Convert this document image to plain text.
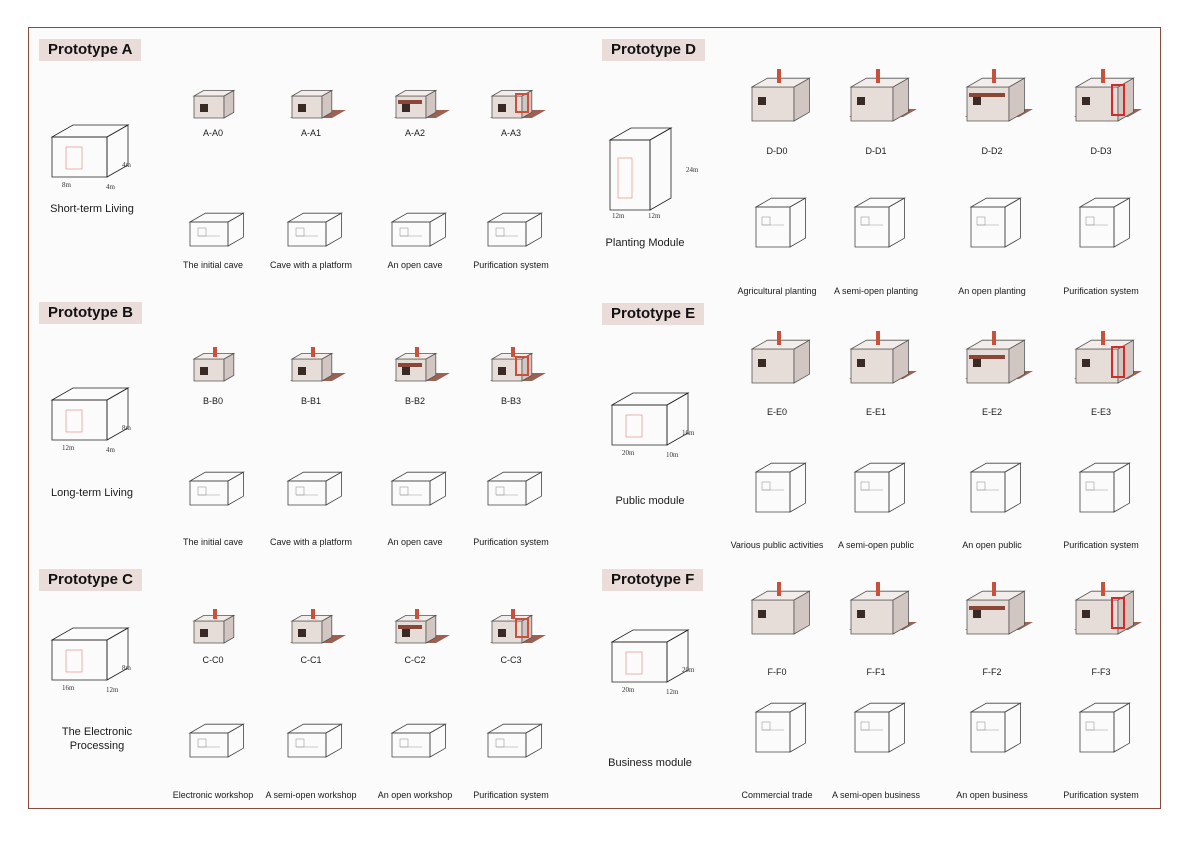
Prototype A
4m
8m	4m
Short-term Living
A-A0
The initial cave
A-A1
Cave with a platform
A-A2
An open cave
A-A3
Purification system
Prototype B
8m
12m	4m
Long-term Living
B-B0
The initial cave
B-B1
Cave with a platform
B-B2
An open cave
B-B3
Purification system
Prototype C
8m
16m	12m
The Electronic Processing
C-C0
Electronic workshop
C-C1
A semi-open workshop
C-C2
An open workshop
C-C3
Purification system
Prototype D
24m
12m	12m
Planting Module
D-D0
Agricultural planting
D-D1
A semi-open planting
D-D2
An open planting
D-D3
Purification system
Prototype E
16m
20m	10m
Public module
E-E0
Various public activities
E-E1
A semi-open public
E-E2
An open public
E-E3
Purification system
Prototype F
20m
20m	12m
Business module
F-F0
Commercial trade
F-F1
A semi-open business
F-F2
An open business
F-F3
Purification system
